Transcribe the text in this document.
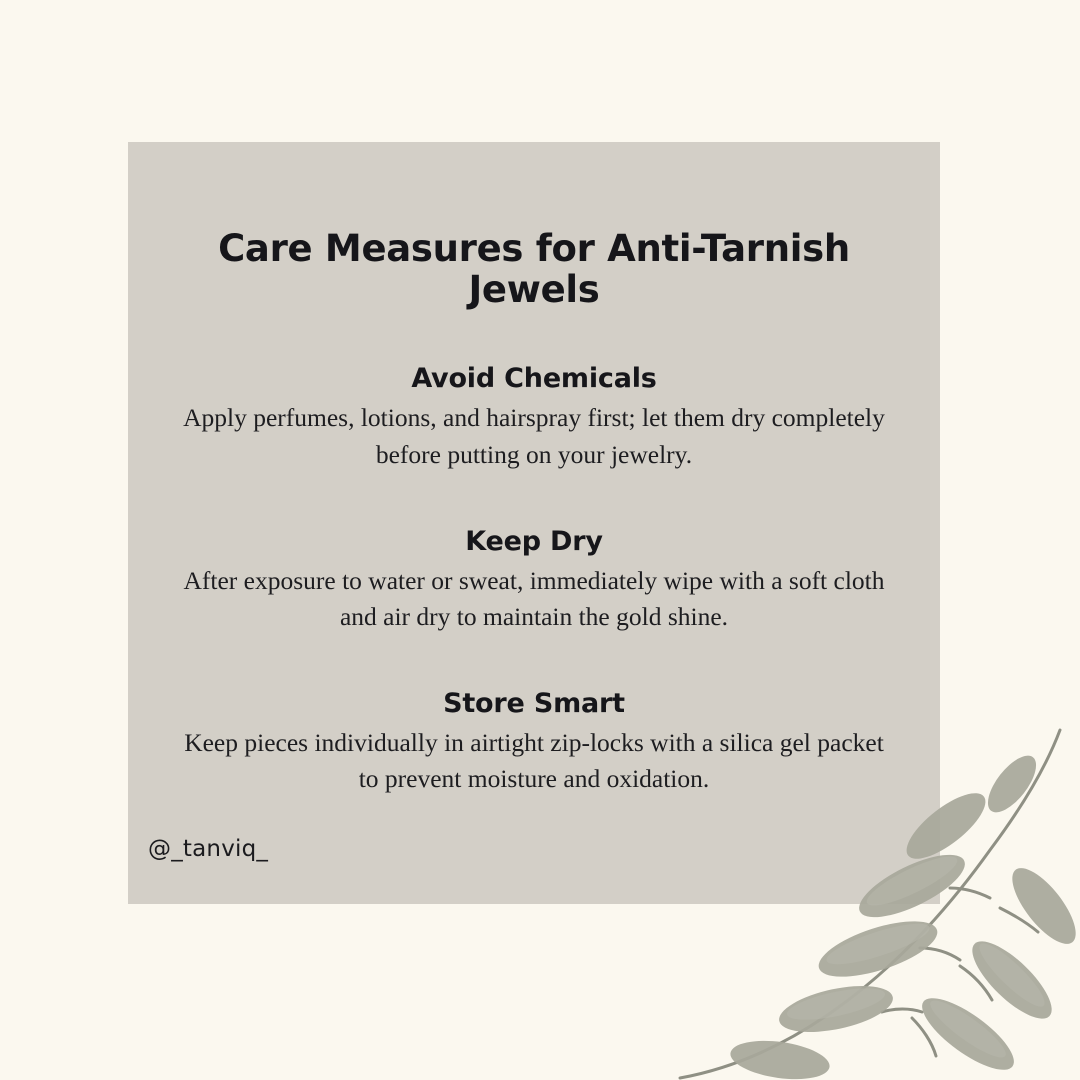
Care Measures for Anti-Tarnish Jewels
Avoid Chemicals
Apply perfumes, lotions, and hairspray first; let them dry completely before putting on your jewelry.
Keep Dry
After exposure to water or sweat, immediately wipe with a soft cloth and air dry to maintain the gold shine.
Store Smart
Keep pieces individually in airtight zip-locks with a silica gel packet to prevent moisture and oxidation.
@_tanviq_
